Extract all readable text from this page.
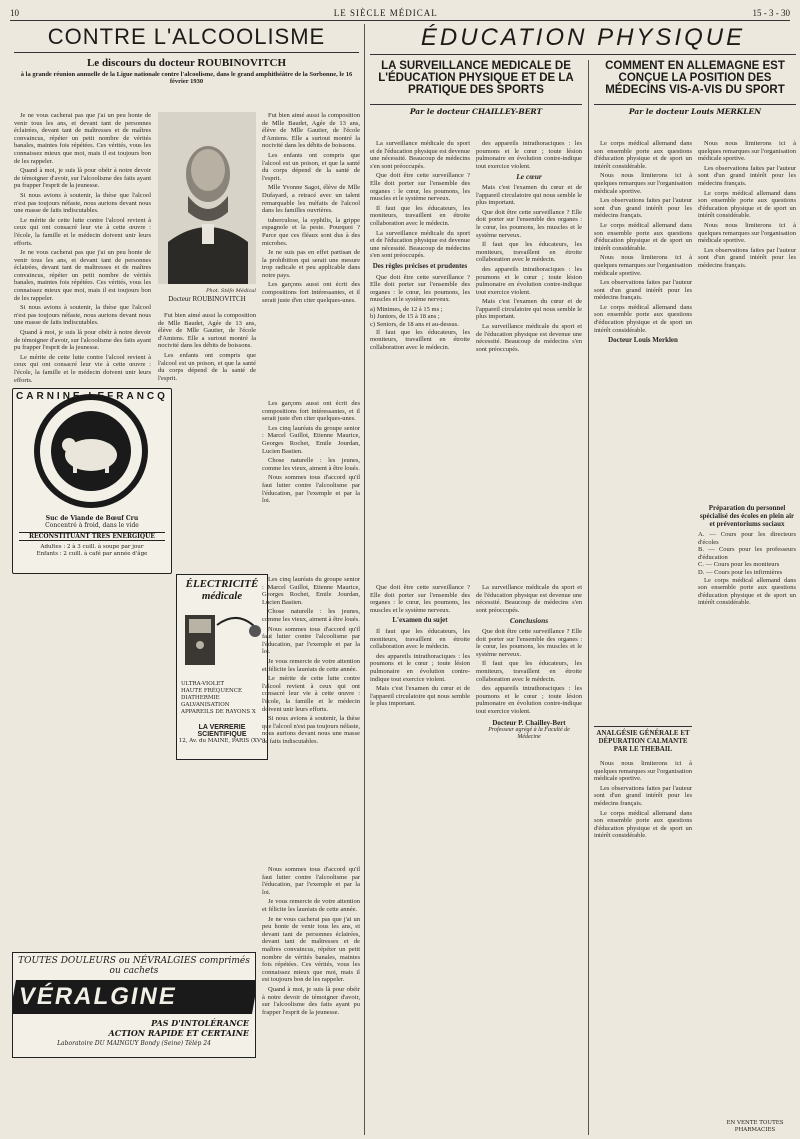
10	LE SIÈCLE MÉDICAL	15 - 3 - 30
CONTRE L'ALCOOLISME
Le discours du docteur ROUBINOVITCH
à la grande réunion annuelle de la Ligue nationale contre l'alcoolisme, dans le grand amphithéâtre de la Sorbonne, le 16 février 1930

Je ne vous cacherai pas que j'ai un peu honte de venir tous les ans, et devant tant de personnes éclairées, devant tant de maîtresses et de maîtres convaincus, répéter un petit nombre de vérités banales, maintes fois répétées. Ces vérités, vous les connaissez mieux que moi, mais il est toujours bon de les rappeler.

Quand à moi, je suis là pour obéir à notre devoir de témoigner d'avoir, sur l'alcoolisme des faits ayant pu frapper l'esprit de la jeunesse.

Si nous avions à soutenir, la thèse que l'alcool n'est pas toujours néfaste, nous aurions devant nous une masse de faits indiscutables.

Le mérite de cette lutte contre l'alcool revient à ceux qui ont consacré leur vie à cette œuvre : l'école, la famille et le médecin doivent unir leurs efforts.

Je ne vous cacherai pas que j'ai un peu honte de venir tous les ans, et devant tant de personnes éclairées, devant tant de maîtresses et de maîtres convaincus, répéter un petit nombre de vérités banales, maintes fois répétées. Ces vérités, vous les connaissez mieux que moi, mais il est toujours bon de les rappeler.

Si nous avions à soutenir, la thèse que l'alcool n'est pas toujours néfaste, nous aurions devant nous une masse de faits indiscutables.

Quand à moi, je suis là pour obéir à notre devoir de témoigner d'avoir, sur l'alcoolisme des faits ayant pu frapper l'esprit de la jeunesse.

Le mérite de cette lutte contre l'alcool revient à ceux qui ont consacré leur vie à cette œuvre : l'école, la famille et le médecin doivent unir leurs efforts.

Phot. Stéfo Médical
Docteur ROUBINOVITCH

Fut bien aimé aussi la composition de Mlle Baudet, Agée de 13 ans, élève de Mlle Gautier, de l'école d'Amiens. Elle a surtout montré la nocivité dans les débits de boissons.

Les enfants ont compris que l'alcool est un poison, et que la santé du corps dépend de la santé de l'esprit.

Fut bien aimé aussi la composition de Mlle Baudet, Agée de 13 ans, élève de Mlle Gautier, de l'école d'Amiens. Elle a surtout montré la nocivité dans les débits de boissons.

Les enfants ont compris que l'alcool est un poison, et que la santé du corps dépend de la santé de l'esprit.

Mlle Yvonne Sagot, élève de Mlle Dufayard, a retracé avec un talent remarquable les méfaits de l'alcool dans les familles ouvrières.

tuberculose, la syphilis, la grippe espagnole et la peste. Pourquoi ? Parce que ces fléaux sont dus à des microbes.

Je ne suis pas en effet partisan de la prohibition qui serait une mesure trop radicale et peu applicable dans notre pays.

Les garçons aussi ont écrit des compositions fort intéressantes, et il serait juste d'en citer quelques-unes.

CARNINE LEFRANCQ
Suc de Viande de Bœuf Cru
Concentré à froid, dans le vide
RECONSTITUANT TRÈS ÉNERGIQUE
Adultes : 2 à 3 cuill. à soupe par jour
Enfants : 2 cuill. à café par année d'âge
ÉLECTRICITÉ médicale
ULTRA-VIOLET
HAUTE FRÉQUENCE
DIATHERMIE
GALVANISATION
APPAREILS DE RAYONS X
LA VERRERIE SCIENTIFIQUE
12, Av. du MAINE, PARIS (XVᵉ)

Les garçons aussi ont écrit des compositions fort intéressantes, et il serait juste d'en citer quelques-unes.

Les cinq lauréats du groupe senior : Marcel Guillot, Etienne Maurice, Georges Rochet, Emile Jourdan, Lucien Bastien.

Chose naturelle : les jeunes, comme les vieux, aiment à être loués.

Nous sommes tous d'accord qu'il faut lutter contre l'alcoolisme par l'éducation, par l'exemple et par la loi.

TOUTES DOULEURS ou NÉVRALGIES comprimés ou cachets
VÉRALGINE
PAS D'INTOLÉRANCE
ACTION RAPIDE ET CERTAINE
Laboratoire DU MAINGUY Bondy (Seine) Télép 24

Les cinq lauréats du groupe senior : Marcel Guillot, Etienne Maurice, Georges Rochet, Emile Jourdan, Lucien Bastien.

Chose naturelle : les jeunes, comme les vieux, aiment à être loués.

Nous sommes tous d'accord qu'il faut lutter contre l'alcoolisme par l'éducation, par l'exemple et par la loi.

Je vous remercie de votre attention et félicite les lauréats de cette année.

Le mérite de cette lutte contre l'alcool revient à ceux qui ont consacré leur vie à cette œuvre : l'école, la famille et le médecin doivent unir leurs efforts.

Si nous avions à soutenir, la thèse que l'alcool n'est pas toujours néfaste, nous aurions devant nous une masse de faits indiscutables.

Nous sommes tous d'accord qu'il faut lutter contre l'alcoolisme par l'éducation, par l'exemple et par la loi.

Je vous remercie de votre attention et félicite les lauréats de cette année.

Je ne vous cacherai pas que j'ai un peu honte de venir tous les ans, et devant tant de personnes éclairées, devant tant de maîtresses et de maîtres convaincus, répéter un petit nombre de vérités banales, maintes fois répétées. Ces vérités, vous les connaissez mieux que moi, mais il est toujours bon de les rappeler.

Quand à moi, je suis là pour obéir à notre devoir de témoigner d'avoir, sur l'alcoolisme des faits ayant pu frapper l'esprit de la jeunesse.

ÉDUCATION PHYSIQUE
LA SURVEILLANCE MÉDICALE DE L'ÉDUCATION PHYSIQUE ET DE LA PRATIQUE DES SPORTS
Par le docteur CHAILLEY-BERT

La surveillance médicale du sport et de l'éducation physique est devenue une nécessité. Beaucoup de médecins s'en sont préoccupés.

Que doit être cette surveillance ? Elle doit porter sur l'ensemble des organes : le cœur, les poumons, les muscles et le système nerveux.

Il faut que les éducateurs, les moniteurs, travaillent en étroite collaboration avec le médecin.

La surveillance médicale du sport et de l'éducation physique est devenue une nécessité. Beaucoup de médecins s'en sont préoccupés.

Des règles précises et prudentes

Que doit être cette surveillance ? Elle doit porter sur l'ensemble des organes : le cœur, les poumons, les muscles et le système nerveux.

a) Minimes, de 12 à 15 ms ;
b) Juniors, de 15 à 18 ans ;
c) Seniors, de 18 ans et au-dessus.

Il faut que les éducateurs, les moniteurs, travaillent en étroite collaboration avec le médecin.

des appareils intrathoraciques : les poumons et le cœur ; toute lésion pulmonaire en évolution contre-indique tout exercice violent.

Le cœur

Mais c'est l'examen du cœur et de l'appareil circulatoire qui nous semble le plus important.

Que doit être cette surveillance ? Elle doit porter sur l'ensemble des organes : le cœur, les poumons, les muscles et le système nerveux.

Il faut que les éducateurs, les moniteurs, travaillent en étroite collaboration avec le médecin.

des appareils intrathoraciques : les poumons et le cœur ; toute lésion pulmonaire en évolution contre-indique tout exercice violent.

Mais c'est l'examen du cœur et de l'appareil circulatoire qui nous semble le plus important.

La surveillance médicale du sport et de l'éducation physique est devenue une nécessité. Beaucoup de médecins s'en sont préoccupés.

Que doit être cette surveillance ? Elle doit porter sur l'ensemble des organes : le cœur, les poumons, les muscles et le système nerveux.

L'examen du sujet

Il faut que les éducateurs, les moniteurs, travaillent en étroite collaboration avec le médecin.

des appareils intrathoraciques : les poumons et le cœur ; toute lésion pulmonaire en évolution contre-indique tout exercice violent.

Mais c'est l'examen du cœur et de l'appareil circulatoire qui nous semble le plus important.

La surveillance médicale du sport et de l'éducation physique est devenue une nécessité. Beaucoup de médecins s'en sont préoccupés.

Conclusions

Que doit être cette surveillance ? Elle doit porter sur l'ensemble des organes : le cœur, les poumons, les muscles et le système nerveux.

Il faut que les éducateurs, les moniteurs, travaillent en étroite collaboration avec le médecin.

des appareils intrathoraciques : les poumons et le cœur ; toute lésion pulmonaire en évolution contre-indique tout exercice violent.

Docteur P. Chailley-Bert
Professeur agrégé à la Faculté de Médecine
COMMENT EN ALLEMAGNE EST CONÇUE LA POSITION DES MÉDECINS VIS-A-VIS DU SPORT
Par le docteur Louis MERKLEN

Le corps médical allemand dans son ensemble porte aux questions d'éducation physique et de sport un intérêt considérable.

Nous nous limiterons ici à quelques remarques sur l'organisation médicale sportive.

Les observations faites par l'auteur sont d'un grand intérêt pour les médecins français.

Le corps médical allemand dans son ensemble porte aux questions d'éducation physique et de sport un intérêt considérable.

Nous nous limiterons ici à quelques remarques sur l'organisation médicale sportive.

Les observations faites par l'auteur sont d'un grand intérêt pour les médecins français.

Le corps médical allemand dans son ensemble porte aux questions d'éducation physique et de sport un intérêt considérable.

Docteur Louis Merklen

Nous nous limiterons ici à quelques remarques sur l'organisation médicale sportive.

Les observations faites par l'auteur sont d'un grand intérêt pour les médecins français.

Le corps médical allemand dans son ensemble porte aux questions d'éducation physique et de sport un intérêt considérable.

Nous nous limiterons ici à quelques remarques sur l'organisation médicale sportive.

Les observations faites par l'auteur sont d'un grand intérêt pour les médecins français.

Préparation du personnel spécialisé des écoles en plein air et préventoriums sociaux
A. — Cours pour les directeurs d'écoles
B. — Cours pour les professeurs d'éducation
C. — Cours pour les moniteurs
D. — Cours pour les infirmières

Le corps médical allemand dans son ensemble porte aux questions d'éducation physique et de sport un intérêt considérable.

ANALGÉSIE GÉNÉRALE ET DÉPURATION CALMANTE PAR LE THEBAIL

Nous nous limiterons ici à quelques remarques sur l'organisation médicale sportive.

Les observations faites par l'auteur sont d'un grand intérêt pour les médecins français.

Le corps médical allemand dans son ensemble porte aux questions d'éducation physique et de sport un intérêt considérable.

EN VENTE TOUTES PHARMACIES
